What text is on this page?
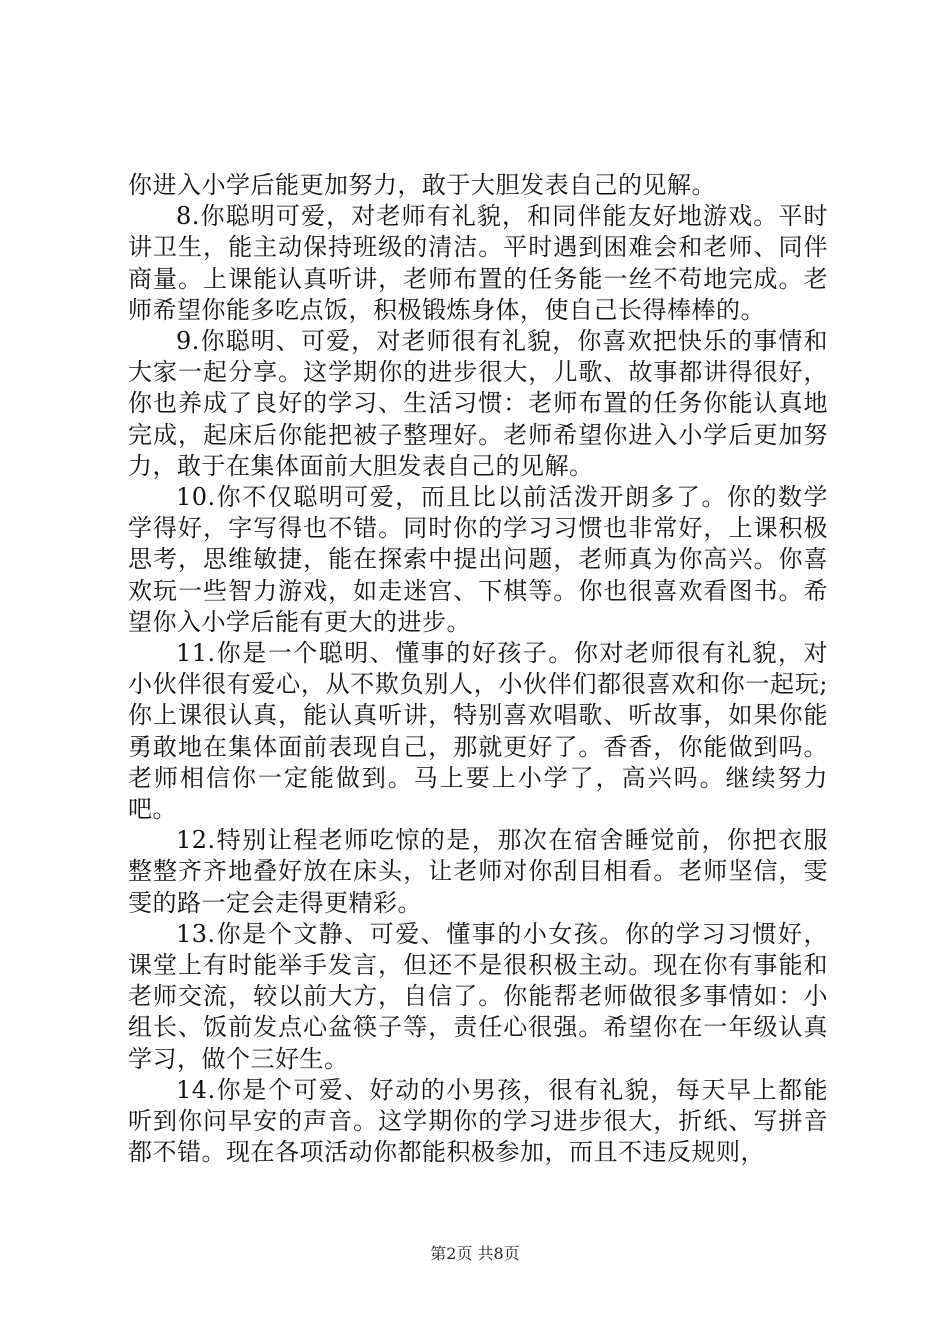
你进入小学后能更加努力，敢于大胆发表自己的见解。

8.你聪明可爱，对老师有礼貌，和同伴能友好地游戏。平时讲卫生，能主动保持班级的清洁。平时遇到困难会和老师、同伴商量。上课能认真听讲，老师布置的任务能一丝不苟地完成。老师希望你能多吃点饭，积极锻炼身体，使自己长得棒棒的。

9.你聪明、可爱，对老师很有礼貌，你喜欢把快乐的事情和大家一起分享。这学期你的进步很大，儿歌、故事都讲得很好，你也养成了良好的学习、生活习惯：老师布置的任务你能认真地完成，起床后你能把被子整理好。老师希望你进入小学后更加努力，敢于在集体面前大胆发表自己的见解。

10.你不仅聪明可爱，而且比以前活泼开朗多了。你的数学学得好，字写得也不错。同时你的学习习惯也非常好，上课积极思考，思维敏捷，能在探索中提出问题，老师真为你高兴。你喜欢玩一些智力游戏，如走迷宫、下棋等。你也很喜欢看图书。希望你入小学后能有更大的进步。

11.你是一个聪明、懂事的好孩子。你对老师很有礼貌，对小伙伴很有爱心，从不欺负别人，小伙伴们都很喜欢和你一起玩;你上课很认真，能认真听讲，特别喜欢唱歌、听故事，如果你能勇敢地在集体面前表现自己，那就更好了。香香，你能做到吗。老师相信你一定能做到。马上要上小学了，高兴吗。继续努力吧。

12.特别让程老师吃惊的是，那次在宿舍睡觉前，你把衣服整整齐齐地叠好放在床头，让老师对你刮目相看。老师坚信，雯雯的路一定会走得更精彩。

13.你是个文静、可爱、懂事的小女孩。你的学习习惯好，课堂上有时能举手发言，但还不是很积极主动。现在你有事能和老师交流，较以前大方，自信了。你能帮老师做很多事情如：小组长、饭前发点心盆筷子等，责任心很强。希望你在一年级认真学习，做个三好生。

14.你是个可爱、好动的小男孩，很有礼貌，每天早上都能听到你问早安的声音。这学期你的学习进步很大，折纸、写拼音都不错。现在各项活动你都能积极参加，而且不违反规则，

第2页 共8页
